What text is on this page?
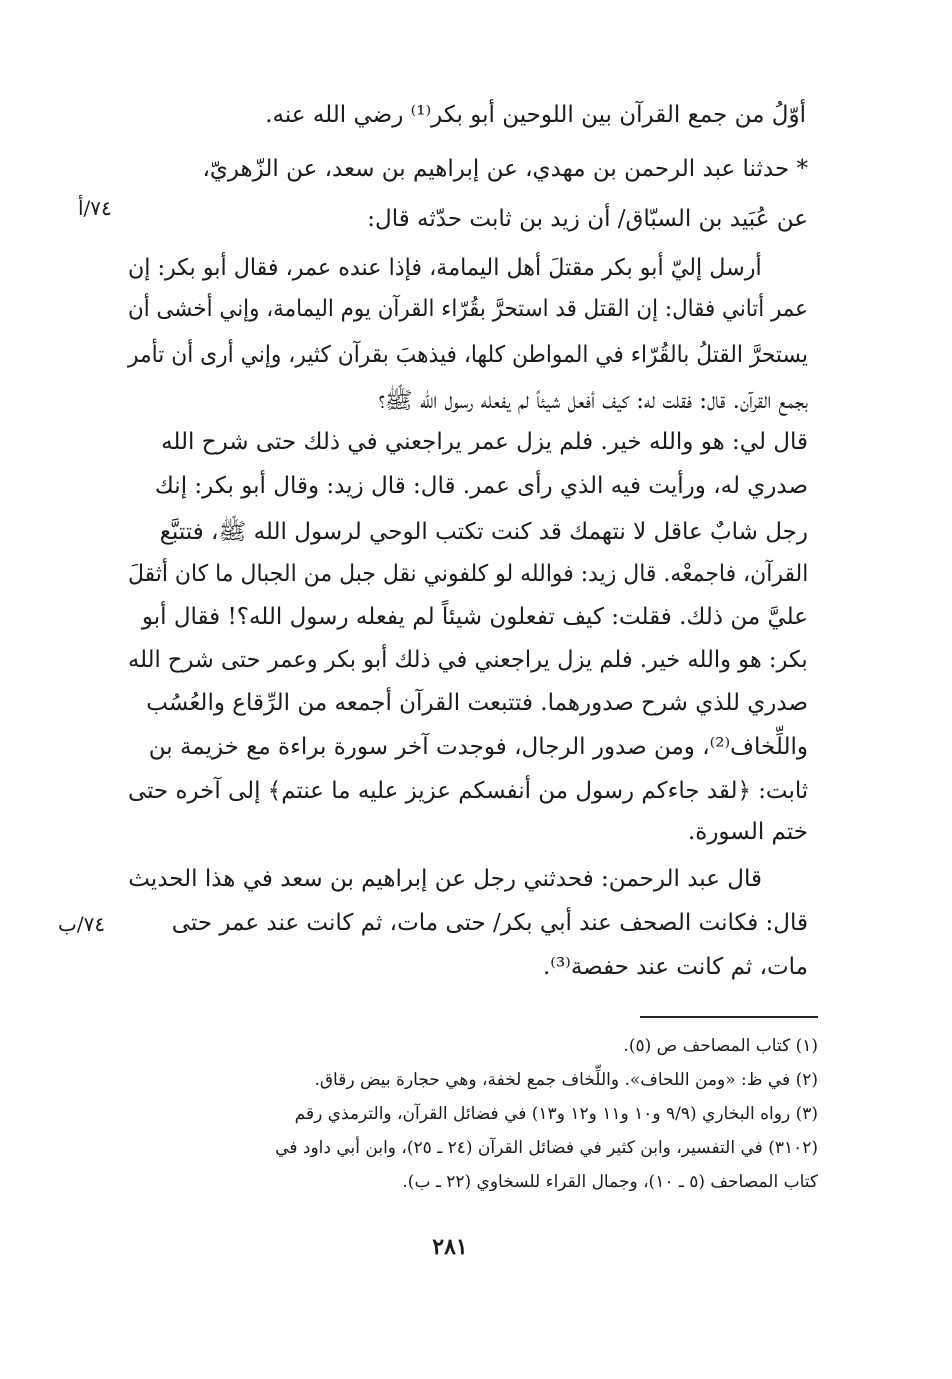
أوّلُ من جمع القرآن بين اللوحين أبو بكر⁽¹⁾ رضي الله عنه.
* حدثنا عبد الرحمن بن مهدي، عن إبراهيم بن سعد، عن الزّهريّ،
عن عُبَيد بن السبّاق/ أن زيد بن ثابت حدّثه قال:
أرسل إليّ أبو بكر مقتلَ أهل اليمامة، فإذا عنده عمر، فقال أبو بكر: إن
عمر أتاني فقال: إن القتل قد استحرَّ بقُرّاء القرآن يوم اليمامة، وإني أخشى أن
يستحرَّ القتلُ بالقُرّاء في المواطن كلها، فيذهبَ بقرآن كثير، وإني أرى أن تأمر
بجمع القرآن. قال: فقلت له: كيف أفعل شيئاً لم يفعله رسول الله ﷺ؟
قال لي: هو والله خير. فلم يزل عمر يراجعني في ذلك حتى شرح الله
صدري له، ورأيت فيه الذي رأى عمر. قال: قال زيد: وقال أبو بكر: إنك
رجل شابٌ عاقل لا نتهمك قد كنت تكتب الوحي لرسول الله ﷺ، فتتبَّع
القرآن، فاجمعْه. قال زيد: فوالله لو كلفوني نقل جبل من الجبال ما كان أثقلَ
عليَّ من ذلك. فقلت: كيف تفعلون شيئاً لم يفعله رسول الله؟! فقال أبو
بكر: هو والله خير. فلم يزل يراجعني في ذلك أبو بكر وعمر حتى شرح الله
صدري للذي شرح صدورهما. فتتبعت القرآن أجمعه من الرِّقاع والعُسُب
واللِّخاف⁽²⁾، ومن صدور الرجال، فوجدت آخر سورة براءة مع خزيمة بن
ثابت: ﴿لقد جاءكم رسول من أنفسكم عزيز عليه ما عنتم﴾ إلى آخره حتى
ختم السورة.
قال عبد الرحمن: فحدثني رجل عن إبراهيم بن سعد في هذا الحديث
قال: فكانت الصحف عند أبي بكر/ حتى مات، ثم كانت عند عمر حتى
مات، ثم كانت عند حفصة⁽³⁾.
٧٤/أ
٧٤/ب
(١) كتاب المصاحف ص (٥).
(٢) في ظ: «ومن اللحاف». واللِّخاف جمع لخفة، وهي حجارة بيض رقاق.
(٣) رواه البخاري (٩/٩ و١٠ و١١ و١٢ و١٣) في فضائل القرآن، والترمذي رقم
(٣١٠٢) في التفسير، وابن كثير في فضائل القرآن (٢٤ ـ ٢٥)، وابن أبي داود في
كتاب المصاحف (٥ ـ ١٠)، وجمال القراء للسخاوي (٢٢ ـ ب).
٢٨١
